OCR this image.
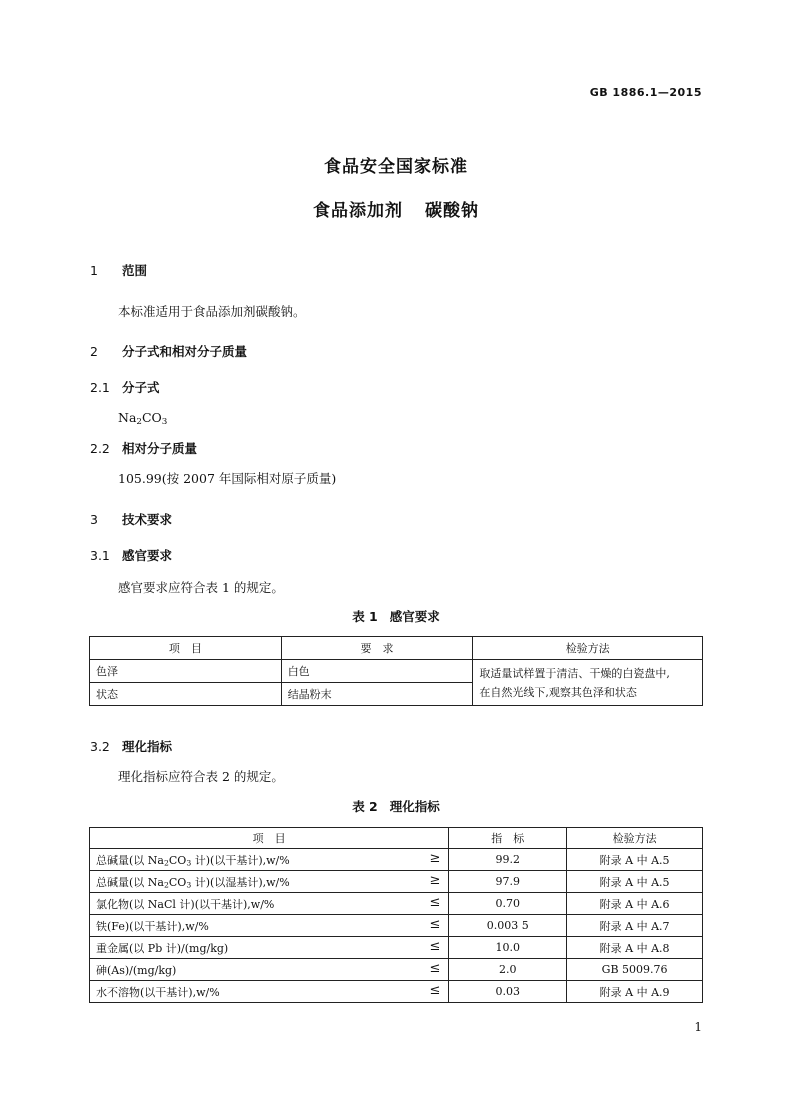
GB 1886.1—2015
食品安全国家标准
食品添加剂 碳酸钠
1 范围
本标准适用于食品添加剂碳酸钠。
2 分子式和相对分子质量
2.1 分子式
$Na_2CO_3$
2.2 相对分子质量
105.99(按 2007 年国际相对原子质量)
3 技术要求
3.1 感官要求
感官要求应符合表 1 的规定。
表 1 感官要求
项　目	要　求	检验方法
色泽	白色	取适量试样置于清洁、干燥的白瓷盘中,
在自然光线下,观察其色泽和状态

状态	结晶粉末	
3.2 理化指标
理化指标应符合表 2 的规定。
表 2 理化指标
项　目	指　标	检验方法
总碱量(以 $Na_2CO_3$ 计)(以干基计),w/% ≥	99.2	附录 A 中 A.5
总碱量(以 $Na_2CO_3$ 计)(以湿基计),w/% ≥	97.9	附录 A 中 A.5
氯化物(以 NaCl 计)(以干基计),w/% ≤	0.70	附录 A 中 A.6
铁(Fe)(以干基计),w/% ≤	0.003 5	附录 A 中 A.7
重金属(以 Pb 计)/(mg/kg) ≤	10.0	附录 A 中 A.8
砷(As)/(mg/kg) ≤	2.0	GB 5009.76
水不溶物(以干基计),w/% ≤	0.03	附录 A 中 A.9
1
